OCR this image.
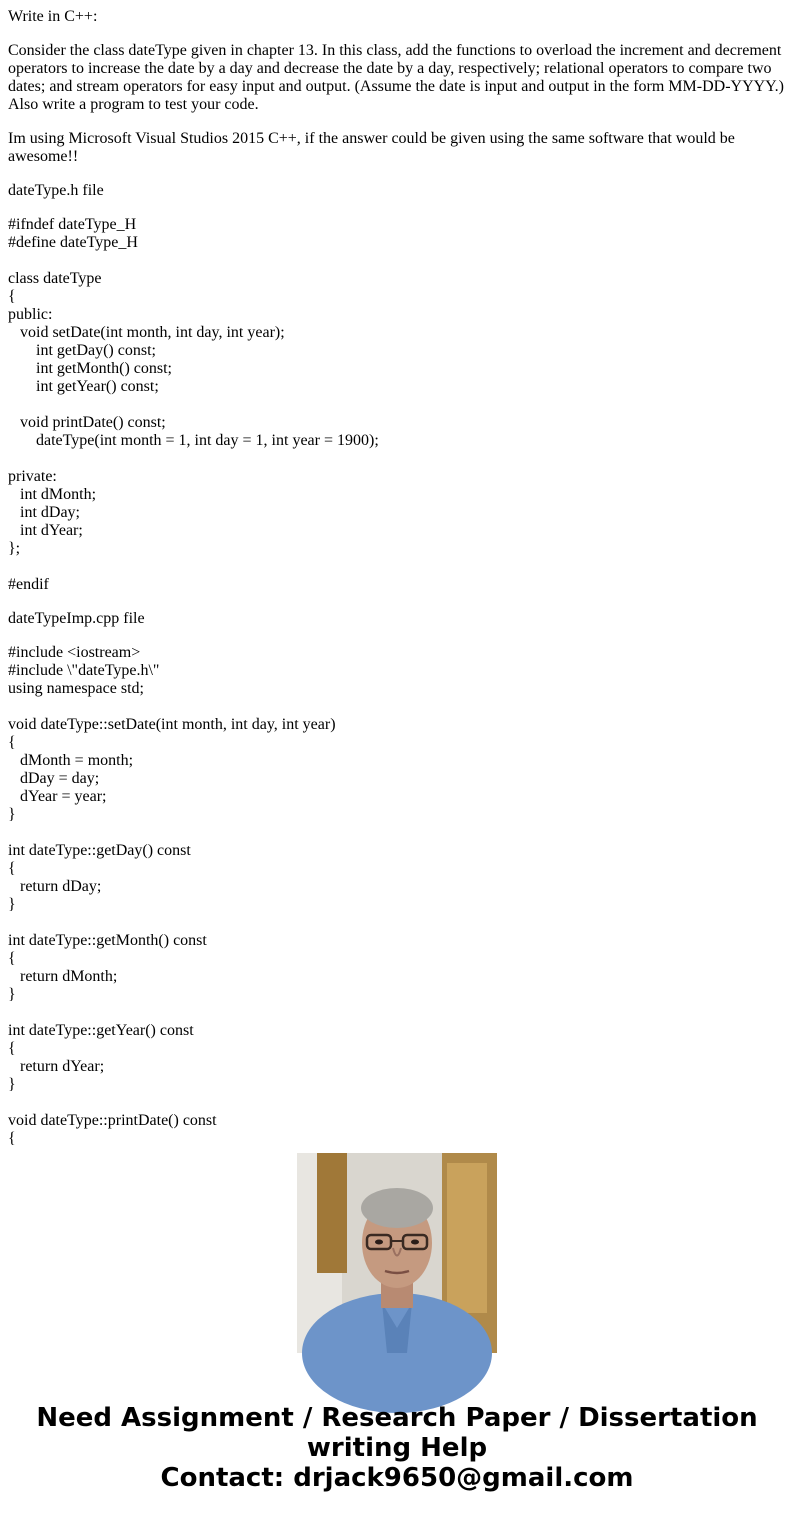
Write in C++:

Consider the class dateType given in chapter 13. In this class, add the functions to overload the increment and decrement operators to increase the date by a day and decrease the date by a day, respectively; relational operators to compare two dates; and stream operators for easy input and output. (Assume the date is input and output in the form MM-DD-YYYY.) Also write a program to test your code.

Im using Microsoft Visual Studios 2015 C++, if the answer could be given using the same software that would be awesome!!

dateType.h file

#ifndef dateType_H

#define dateType_H

class dateType

{

public:

void setDate(int month, int day, int year);

int getDay() const;

int getMonth() const;

int getYear() const;

void printDate() const;

dateType(int month = 1, int day = 1, int year = 1900);

private:

int dMonth;

int dDay;

int dYear;

};

#endif

dateTypeImp.cpp file

#include <iostream>

#include \"dateType.h\"

using namespace std;

void dateType::setDate(int month, int day, int year)

{

dMonth = month;

dDay = day;

dYear = year;

}

int dateType::getDay() const

{

return dDay;

}

int dateType::getMonth() const

{

return dMonth;

}

int dateType::getYear() const

{

return dYear;

}

void dateType::printDate() const

{

Need Assignment / Research Paper / Dissertation
writing Help
Contact: drjack9650@gmail.com
